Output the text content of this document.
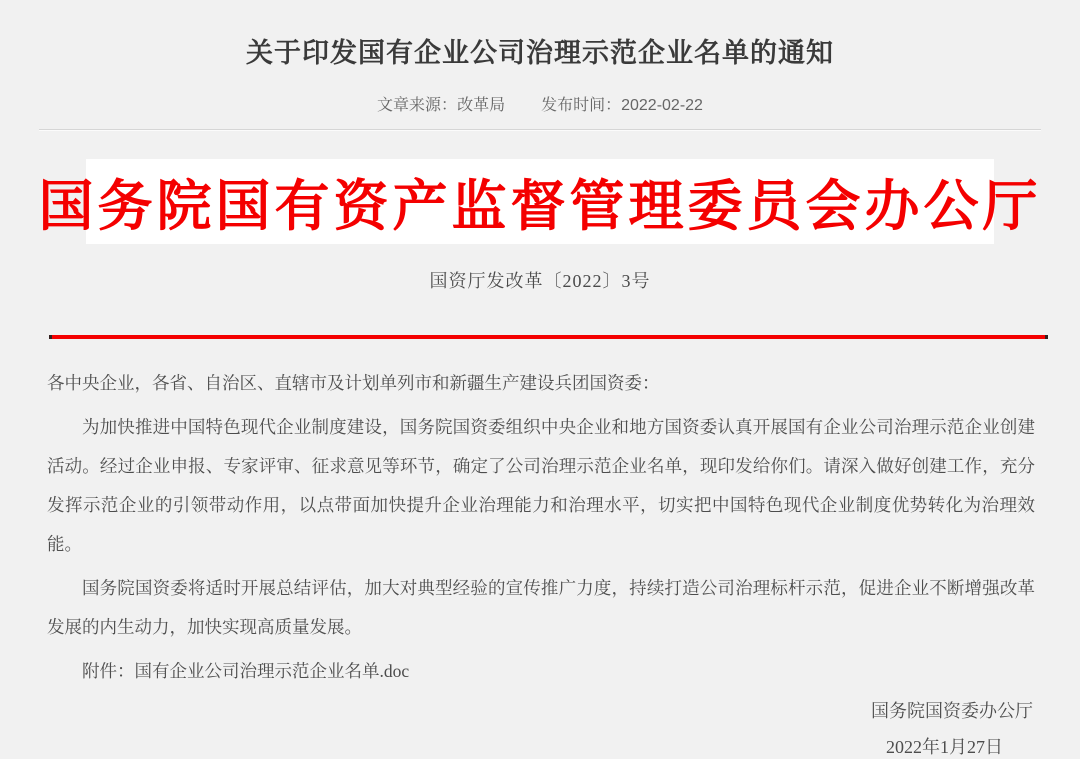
关于印发国有企业公司治理示范企业名单的通知
文章来源：改革局 发布时间：2022-02-22
国务院国有资产监督管理委员会办公厅
国资厅发改革〔2022〕3号

各中央企业，各省、自治区、直辖市及计划单列市和新疆生产建设兵团国资委：

为加快推进中国特色现代企业制度建设，国务院国资委组织中央企业和地方国资委认真开展国有企业公司治理示范企业创建活动。经过企业申报、专家评审、征求意见等环节，确定了公司治理示范企业名单，现印发给你们。请深入做好创建工作，充分发挥示范企业的引领带动作用，以点带面加快提升企业治理能力和治理水平，切实把中国特色现代企业制度优势转化为治理效能。

国务院国资委将适时开展总结评估，加大对典型经验的宣传推广力度，持续打造公司治理标杆示范，促进企业不断增强改革发展的内生动力，加快实现高质量发展。

附件：国有企业公司治理示范企业名单.doc

国务院国资委办公厅
2022年1月27日
